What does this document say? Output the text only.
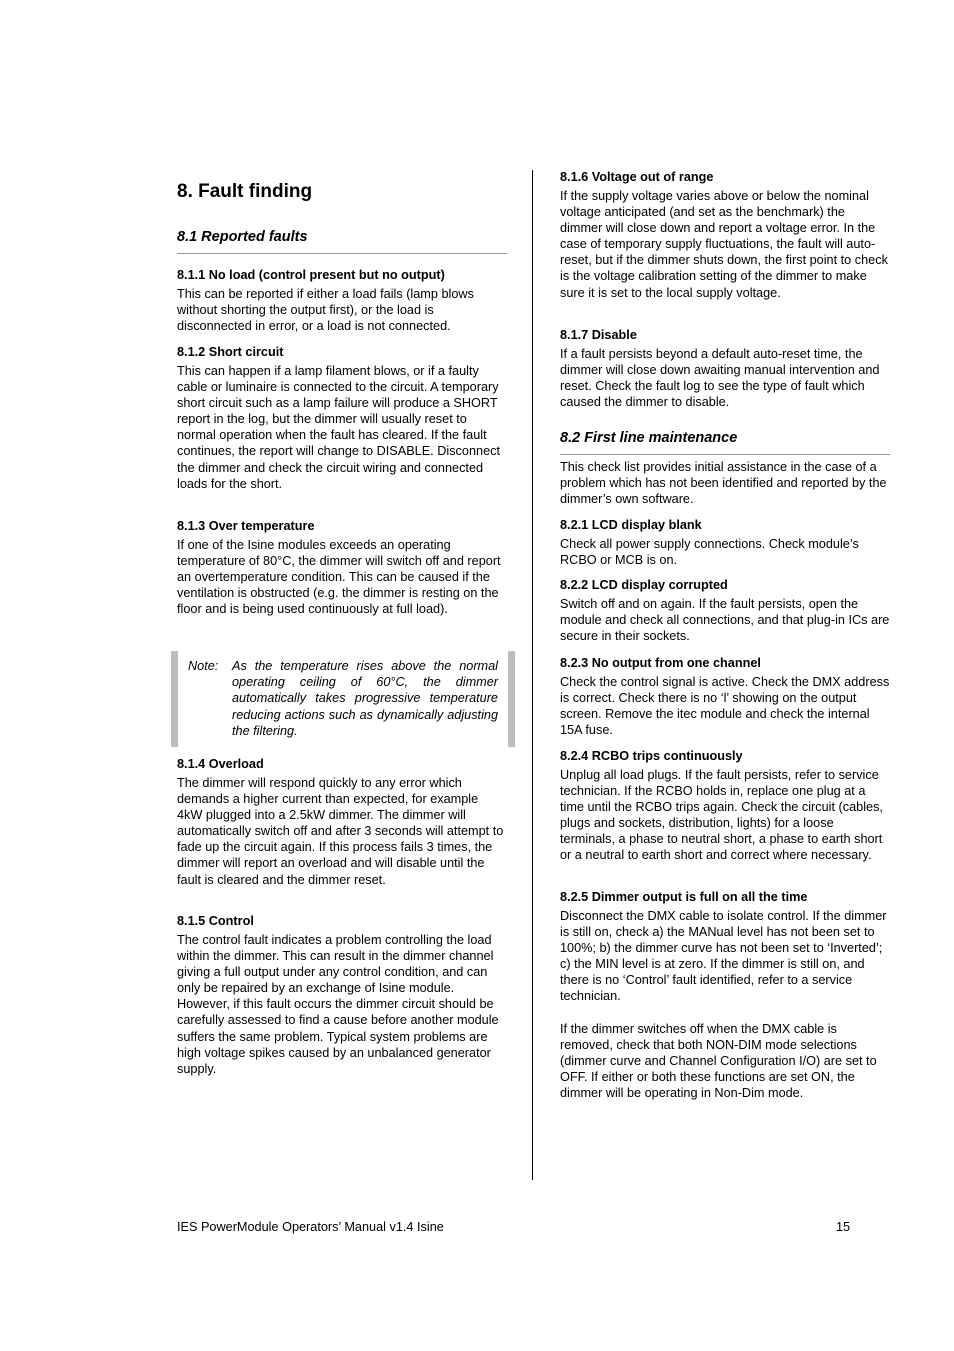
8. Fault finding
8.1 Reported faults
8.1.1 No load (control present but no output)
This can be reported if either a load fails (lamp blows without shorting the output first), or the load is disconnected in error, or a load is not connected.
8.1.2 Short circuit
This can happen if a lamp filament blows, or if a faulty cable or luminaire is connected to the circuit. A temporary short circuit such as a lamp failure will produce a SHORT report in the log, but the dimmer will usually reset to normal operation when the fault has cleared. If the fault continues, the report will change to DISABLE. Disconnect the dimmer and check the circuit wiring and connected loads for the short.
8.1.3 Over temperature
If one of the Isine modules exceeds an operating temperature of 80°C, the dimmer will switch off and report an overtemperature condition. This can be caused if the ventilation is obstructed (e.g. the dimmer is resting on the floor and is being used continuously at full load).
Note: As the temperature rises above the normal operating ceiling of 60°C, the dimmer automatically takes progressive temperature reducing actions such as dynamically adjusting the filtering.
8.1.4 Overload
The dimmer will respond quickly to any error which demands a higher current than expected, for example 4kW plugged into a 2.5kW dimmer. The dimmer will automatically switch off and after 3 seconds will attempt to fade up the circuit again. If this process fails 3 times, the dimmer will report an overload and will disable until the fault is cleared and the dimmer reset.
8.1.5 Control
The control fault indicates a problem controlling the load within the dimmer. This can result in the dimmer channel giving a full output under any control condition, and can only be repaired by an exchange of Isine module. However, if this fault occurs the dimmer circuit should be carefully assessed to find a cause before another module suffers the same problem. Typical system problems are high voltage spikes caused by an unbalanced generator supply.
8.1.6 Voltage out of range
If the supply voltage varies above or below the nominal voltage anticipated (and set as the benchmark) the dimmer will close down and report a voltage error. In the case of temporary supply fluctuations, the fault will auto-reset, but if the dimmer shuts down, the first point to check is the voltage calibration setting of the dimmer to make sure it is set to the local supply voltage.
8.1.7 Disable
If a fault persists beyond a default auto-reset time, the dimmer will close down awaiting manual intervention and reset. Check the fault log to see the type of fault which caused the dimmer to disable.
8.2 First line maintenance
This check list provides initial assistance in the case of a problem which has not been identified and reported by the dimmer’s own software.
8.2.1 LCD display blank
Check all power supply connections. Check module’s RCBO or MCB is on.
8.2.2 LCD display corrupted
Switch off and on again. If the fault persists, open the module and check all connections, and that plug-in ICs are secure in their sockets.
8.2.3 No output from one channel
Check the control signal is active. Check the DMX address is correct. Check there is no ‘l’ showing on the output screen. Remove the itec module and check the internal 15A fuse.
8.2.4 RCBO trips continuously
Unplug all load plugs. If the fault persists, refer to service technician. If the RCBO holds in, replace one plug at a time until the RCBO trips again. Check the circuit (cables, plugs and sockets, distribution, lights) for a loose terminals, a phase to neutral short, a phase to earth short or a neutral to earth short and correct where necessary.
8.2.5 Dimmer output is full on all the time
Disconnect the DMX cable to isolate control. If the dimmer is still on, check a) the MANual level has not been set to 100%; b) the dimmer curve has not been set to ‘Inverted’; c) the MIN level is at zero. If the dimmer is still on, and there is no ‘Control’ fault identified, refer to a service technician.
If the dimmer switches off when the DMX cable is removed, check that both NON-DIM mode selections (dimmer curve and Channel Configuration I/O) are set to OFF. If either or both these functions are set ON, the dimmer will be operating in Non-Dim mode.
IES PowerModule Operators’ Manual v1.4 Isine	15
